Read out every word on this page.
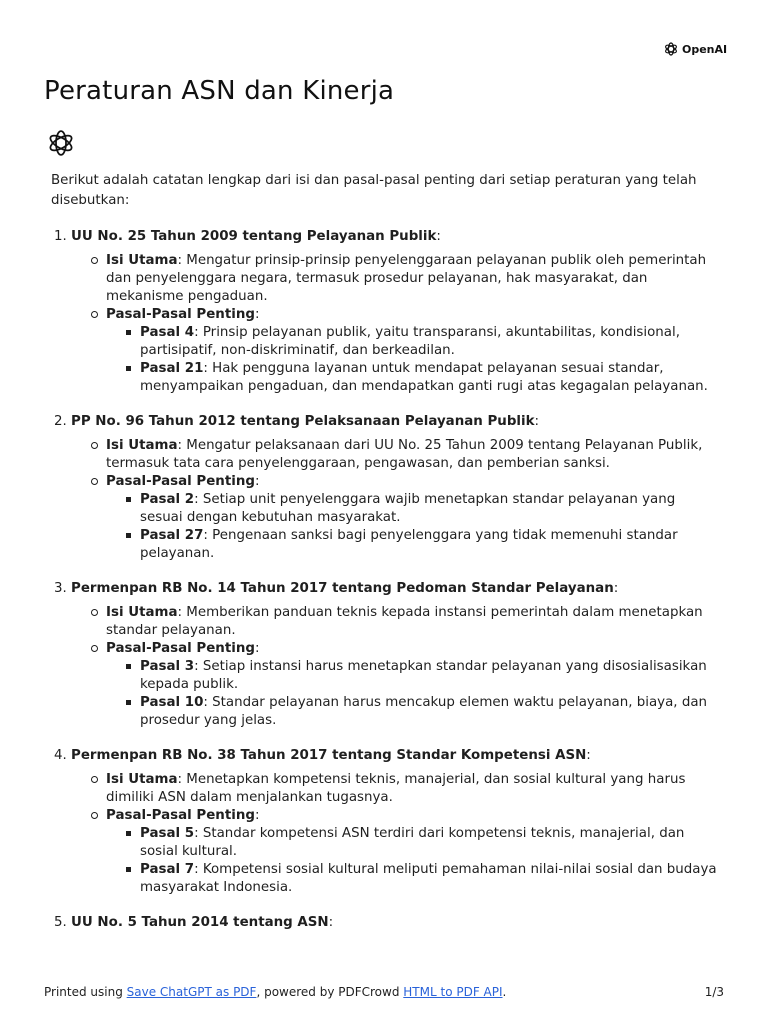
OpenAI
Peraturan ASN dan Kinerja

Berikut adalah catatan lengkap dari isi dan pasal-pasal penting dari setiap peraturan yang telah disebutkan:

1. UU No. 25 Tahun 2009 tentang Pelayanan Publik:

Isi Utama: Mengatur prinsip-prinsip penyelenggaraan pelayanan publik oleh pemerintah dan penyelenggara negara, termasuk prosedur pelayanan, hak masyarakat, dan mekanisme pengaduan.
Pasal-Pasal Penting:
Pasal 4: Prinsip pelayanan publik, yaitu transparansi, akuntabilitas, kondisional, partisipatif, non-diskriminatif, dan berkeadilan.
Pasal 21: Hak pengguna layanan untuk mendapat pelayanan sesuai standar, menyampaikan pengaduan, dan mendapatkan ganti rugi atas kegagalan pelayanan.

2. PP No. 96 Tahun 2012 tentang Pelaksanaan Pelayanan Publik:

Isi Utama: Mengatur pelaksanaan dari UU No. 25 Tahun 2009 tentang Pelayanan Publik, termasuk tata cara penyelenggaraan, pengawasan, dan pemberian sanksi.
Pasal-Pasal Penting:
Pasal 2: Setiap unit penyelenggara wajib menetapkan standar pelayanan yang sesuai dengan kebutuhan masyarakat.
Pasal 27: Pengenaan sanksi bagi penyelenggara yang tidak memenuhi standar pelayanan.

3. Permenpan RB No. 14 Tahun 2017 tentang Pedoman Standar Pelayanan:

Isi Utama: Memberikan panduan teknis kepada instansi pemerintah dalam menetapkan standar pelayanan.
Pasal-Pasal Penting:
Pasal 3: Setiap instansi harus menetapkan standar pelayanan yang disosialisasikan kepada publik.
Pasal 10: Standar pelayanan harus mencakup elemen waktu pelayanan, biaya, dan prosedur yang jelas.

4. Permenpan RB No. 38 Tahun 2017 tentang Standar Kompetensi ASN:

Isi Utama: Menetapkan kompetensi teknis, manajerial, dan sosial kultural yang harus dimiliki ASN dalam menjalankan tugasnya.
Pasal-Pasal Penting:
Pasal 5: Standar kompetensi ASN terdiri dari kompetensi teknis, manajerial, dan sosial kultural.
Pasal 7: Kompetensi sosial kultural meliputi pemahaman nilai-nilai sosial dan budaya masyarakat Indonesia.

5. UU No. 5 Tahun 2014 tentang ASN:

Printed using Save ChatGPT as PDF, powered by PDFCrowd HTML to PDF API.	1/3
